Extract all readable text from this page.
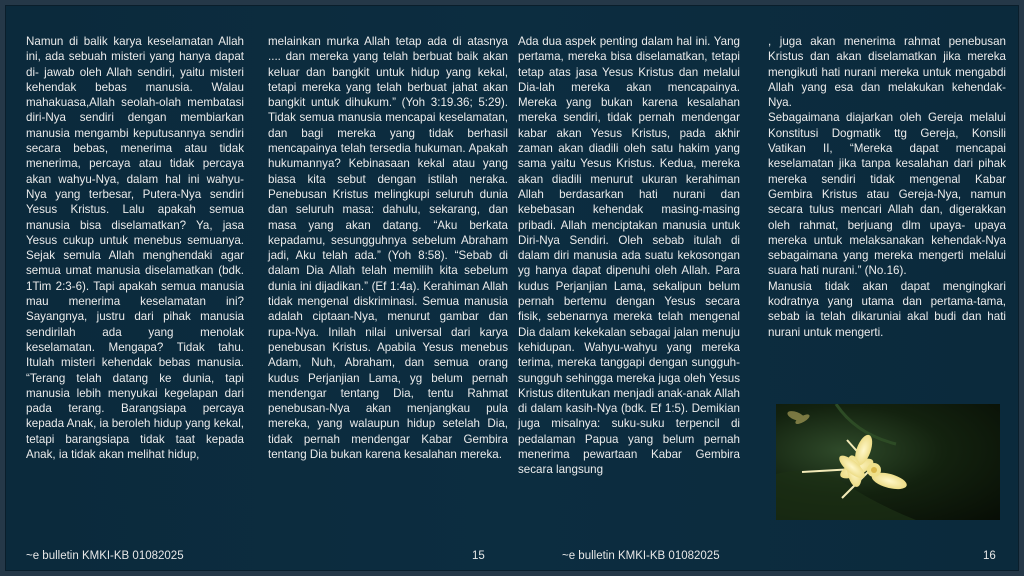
Namun di balik karya keselamatan Allah ini, ada sebuah misteri yang hanya dapat di- jawab oleh Allah sendiri, yaitu misteri kehendak bebas manusia. Walau mahakuasa,Allah seolah-olah membatasi diri-Nya sendiri dengan membiarkan manusia mengambi keputusannya sendiri secara bebas, menerima atau tidak menerima, percaya atau tidak percaya akan wahyu-Nya, dalam hal ini wahyu-Nya yang terbesar, Putera-Nya sendiri Yesus Kristus. Lalu apakah semua manusia bisa diselamatkan? Ya, jasa Yesus cukup untuk menebus semuanya. Sejak semula Allah menghendaki agar semua umat manusia diselamatkan (bdk. 1Tim 2:3-6). Tapi apakah semua manusia mau menerima keselamatan ini? Sayangnya, justru dari pihak manusia sendirilah ada yang menolak keselamatan. Mengapa? Tidak tahu. Itulah misteri kehendak bebas manusia. “Terang telah datang ke dunia, tapi manusia lebih menyukai kegelapan dari pada terang. Barangsiapa percaya kepada Anak, ia beroleh hidup yang kekal, tetapi barangsiapa tidak taat kepada Anak, ia tidak akan melihat hidup,

melainkan murka Allah tetap ada di atasnya .... dan mereka yang telah berbuat baik akan keluar dan bangkit untuk hidup yang kekal, tetapi mereka yang telah berbuat jahat akan bangkit untuk dihukum.” (Yoh 3:19.36; 5:29). Tidak semua manusia mencapai keselamatan, dan bagi mereka yang tidak berhasil mencapainya telah tersedia hukuman. Apakah hukumannya? Kebinasaan kekal atau yang biasa kita sebut dengan istilah neraka. Penebusan Kristus melingkupi seluruh dunia dan seluruh masa: dahulu, sekarang, dan masa yang akan datang. “Aku berkata kepadamu, sesungguhnya sebelum Abraham jadi, Aku telah ada.” (Yoh 8:58). “Sebab di dalam Dia Allah telah memilih kita sebelum dunia ini dijadikan.” (Ef 1:4a). Kerahiman Allah tidak mengenal diskriminasi. Semua manusia adalah ciptaan-Nya, menurut gambar dan rupa-Nya. Inilah nilai universal dari karya penebusan Kristus. Apabila Yesus menebus Adam, Nuh, Abraham, dan semua orang kudus Perjanjian Lama, yg belum pernah mendengar tentang Dia, tentu Rahmat penebusan-Nya akan menjangkau pula mereka, yang walaupun hidup setelah Dia, tidak pernah mendengar Kabar Gembira tentang Dia bukan karena kesalahan mereka.

Ada dua aspek penting dalam hal ini. Yang pertama, mereka bisa diselamatkan, tetapi tetap atas jasa Yesus Kristus dan melalui Dia-lah mereka akan mencapainya. Mereka yang bukan karena kesalahan mereka sendiri, tidak pernah mendengar kabar akan Yesus Kristus, pada akhir zaman akan diadili oleh satu hakim yang sama yaitu Yesus Kristus. Kedua, mereka akan diadili menurut ukuran kerahiman Allah berdasarkan hati nurani dan kebebasan kehendak masing-masing pribadi. Allah menciptakan manusia untuk Diri-Nya Sendiri. Oleh sebab itulah di dalam diri manusia ada suatu kekosongan yg hanya dapat dipenuhi oleh Allah. Para kudus Perjanjian Lama, sekalipun belum pernah bertemu dengan Yesus secara fisik, sebenarnya mereka telah mengenal Dia dalam kekekalan sebagai jalan menuju kehidupan. Wahyu-wahyu yang mereka terima, mereka tanggapi dengan sungguh-sungguh sehingga mereka juga oleh Yesus Kristus ditentukan menjadi anak-anak Allah di dalam kasih-Nya (bdk. Ef 1:5). Demikian juga misalnya: suku-suku terpencil di pedalaman Papua yang belum pernah menerima pewartaan Kabar Gembira secara langsung

, juga akan menerima rahmat penebusan Kristus dan akan diselamatkan jika mereka mengikuti hati nurani mereka untuk mengabdi Allah yang esa dan melakukan kehendak-Nya.

Sebagaimana diajarkan oleh Gereja melalui Konstitusi Dogmatik ttg Gereja, Konsili Vatikan II, “Mereka dapat mencapai keselamatan jika tanpa kesalahan dari pihak mereka sendiri tidak mengenal Kabar Gembira Kristus atau Gereja-Nya, namun secara tulus mencari Allah dan, digerakkan oleh rahmat, berjuang dlm upaya- upaya mereka untuk melaksanakan kehendak-Nya sebagaimana yang mereka mengerti melalui suara hati nurani.” (No.16).

Manusia tidak akan dapat mengingkari kodratnya yang utama dan pertama-tama, sebab ia telah dikaruniai akal budi dan hati nurani untuk mengerti.

~e bulletin KMKI-KB 01082025	15	~e bulletin KMKI-KB 01082025	16
